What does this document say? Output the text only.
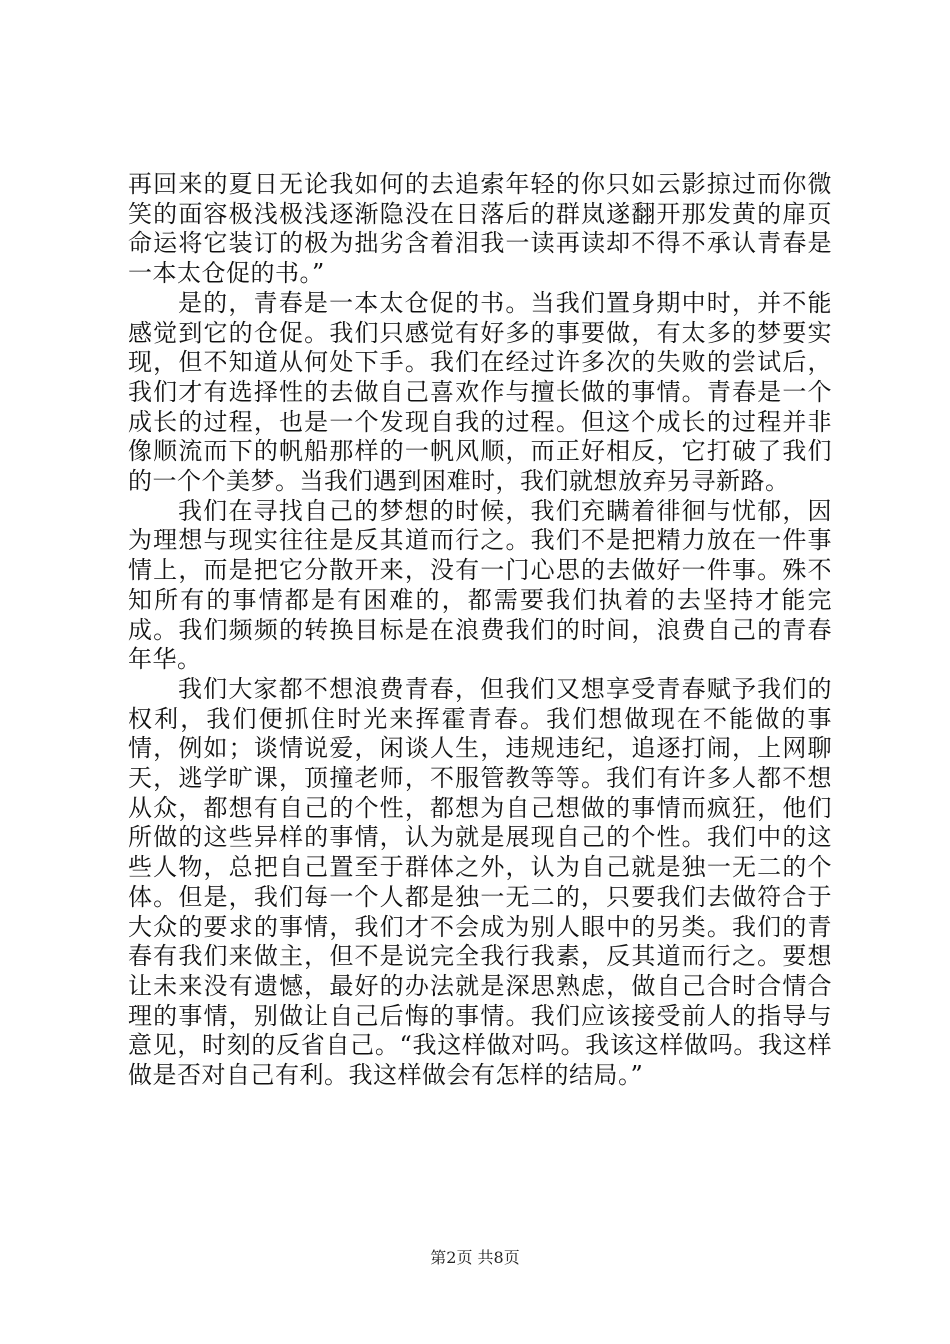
再回来的夏日无论我如何的去追索年轻的你只如云影掠过而你微笑的面容极浅极浅逐渐隐没在日落后的群岚遂翻开那发黄的扉页命运将它装订的极为拙劣含着泪我一读再读却不得不承认青春是一本太仓促的书。”

是的，青春是一本太仓促的书。当我们置身期中时，并不能感觉到它的仓促。我们只感觉有好多的事要做，有太多的梦要实现，但不知道从何处下手。我们在经过许多次的失败的尝试后，我们才有选择性的去做自己喜欢作与擅长做的事情。青春是一个成长的过程，也是一个发现自我的过程。但这个成长的过程并非像顺流而下的帆船那样的一帆风顺，而正好相反，它打破了我们的一个个美梦。当我们遇到困难时，我们就想放弃另寻新路。

我们在寻找自己的梦想的时候，我们充瞒着徘徊与忧郁，因为理想与现实往往是反其道而行之。我们不是把精力放在一件事情上，而是把它分散开来，没有一门心思的去做好一件事。殊不知所有的事情都是有困难的，都需要我们执着的去坚持才能完成。我们频频的转换目标是在浪费我们的时间，浪费自己的青春年华。

我们大家都不想浪费青春，但我们又想享受青春赋予我们的权利，我们便抓住时光来挥霍青春。我们想做现在不能做的事情，例如；谈情说爱，闲谈人生，违规违纪，追逐打闹，上网聊天，逃学旷课，顶撞老师，不服管教等等。我们有许多人都不想从众，都想有自己的个性，都想为自己想做的事情而疯狂，他们所做的这些异样的事情，认为就是展现自己的个性。我们中的这些人物，总把自己置至于群体之外，认为自己就是独一无二的个体。但是，我们每一个人都是独一无二的，只要我们去做符合于大众的要求的事情，我们才不会成为别人眼中的另类。我们的青春有我们来做主，但不是说完全我行我素，反其道而行之。要想让未来没有遗憾，最好的办法就是深思熟虑，做自己合时合情合理的事情，别做让自己后悔的事情。我们应该接受前人的指导与意见，时刻的反省自己。“我这样做对吗。我该这样做吗。我这样做是否对自己有利。我这样做会有怎样的结局。”

第2页 共8页
